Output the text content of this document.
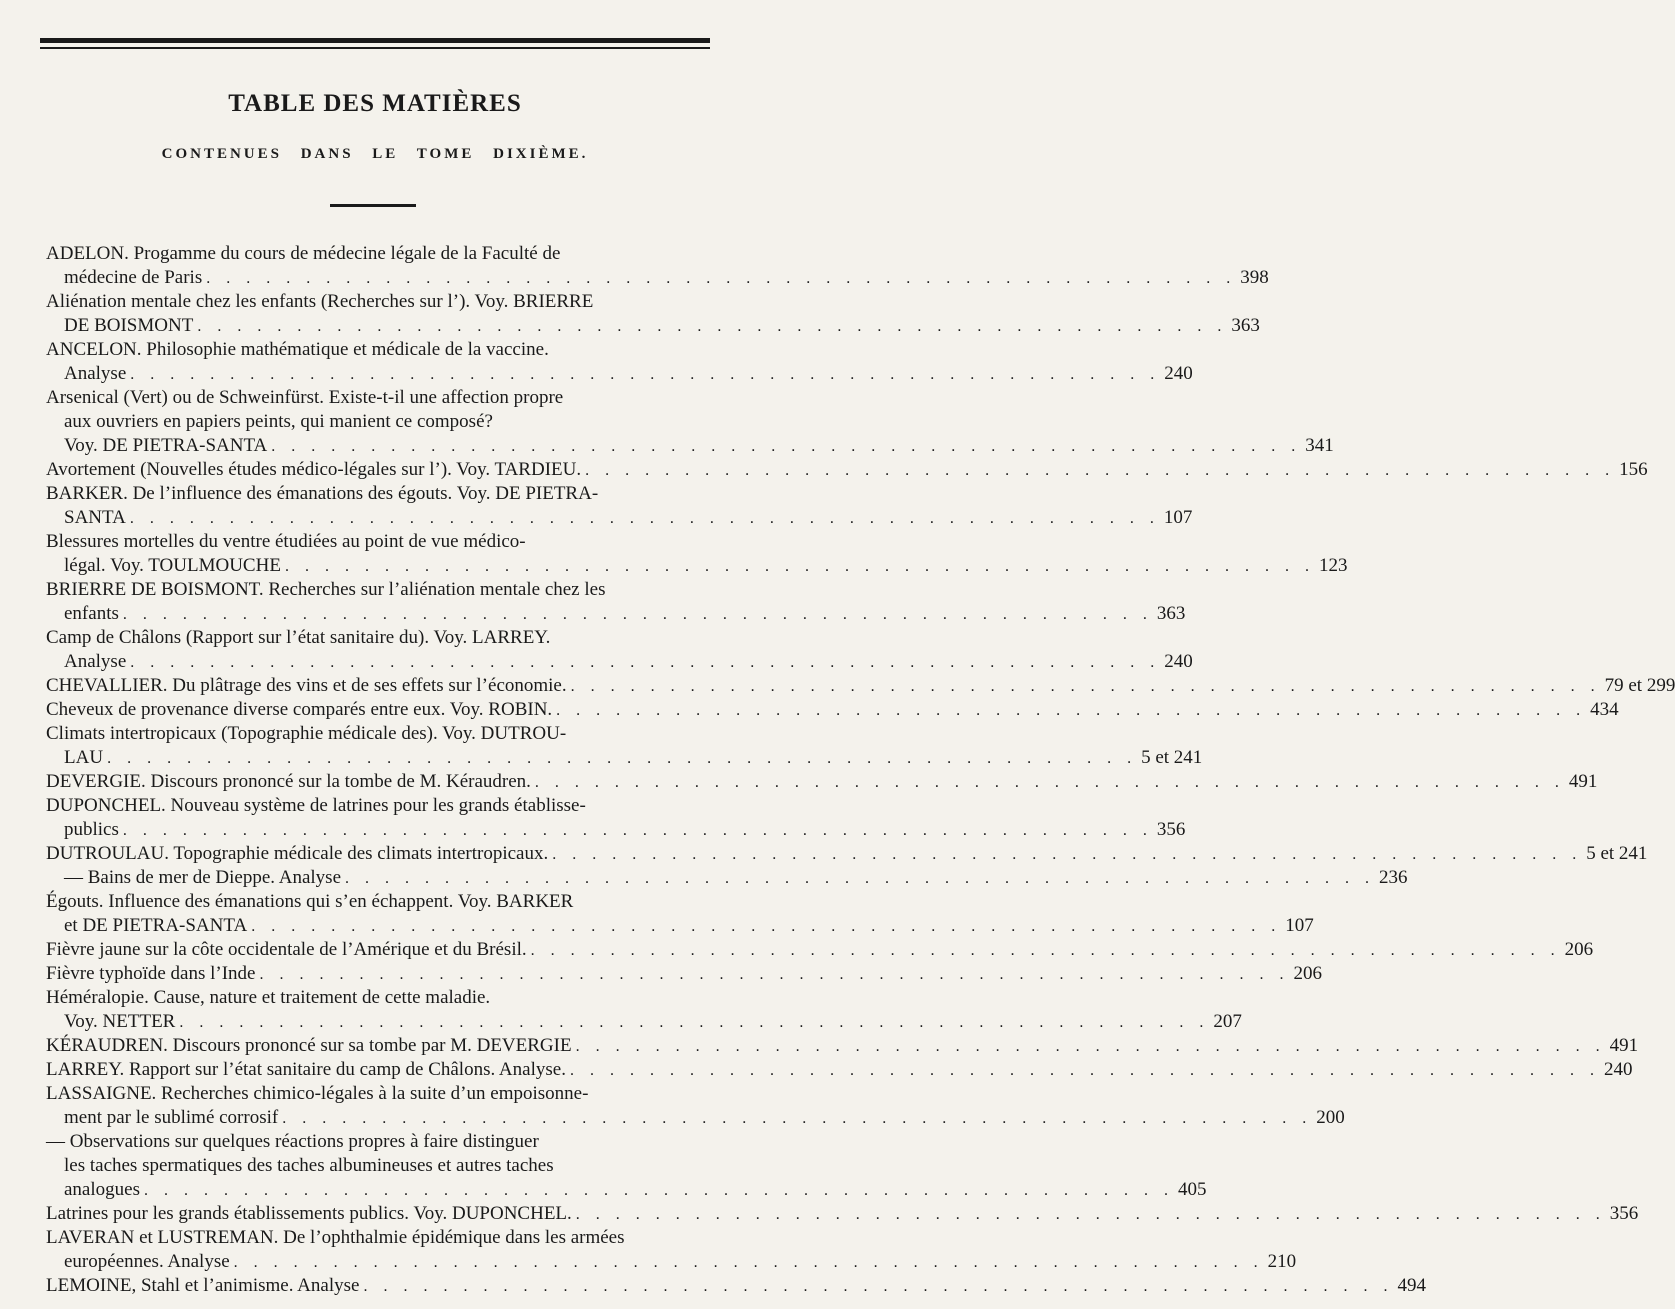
TABLE DES MATIÈRES
CONTENUES DANS LE TOME DIXIÈME.
ADELON. Progamme du cours de médecine légale de la Faculté de
médecine de Paris . . .	398
Aliénation mentale chez les enfants (Recherches sur l’). Voy. BRIERRE
DE BOISMONT . . .	363
ANCELON. Philosophie mathématique et médicale de la vaccine.
Analyse . . .	240
Arsenical (Vert) ou de Schweinfürst. Existe-t-il une affection propre
aux ouvriers en papiers peints, qui manient ce composé?
Voy. DE PIETRA-SANTA . . .	341
Avortement (Nouvelles études médico-légales sur l’). Voy. TARDIEU. . . .	156
BARKER. De l’influence des émanations des égouts. Voy. DE PIETRA-
SANTA . . .	107
Blessures mortelles du ventre étudiées au point de vue médico-
légal. Voy. TOULMOUCHE . . .	123
BRIERRE DE BOISMONT. Recherches sur l’aliénation mentale chez les
enfants . . .	363
Camp de Châlons (Rapport sur l’état sanitaire du). Voy. LARREY.
Analyse . . .	240
CHEVALLIER. Du plâtrage des vins et de ses effets sur l’économie. . . .	79 et 299
Cheveux de provenance diverse comparés entre eux. Voy. ROBIN. . . .	434
Climats intertropicaux (Topographie médicale des). Voy. DUTROU-
LAU . . .	5 et 241
DEVERGIE. Discours prononcé sur la tombe de M. Kéraudren. . . .	491
DUPONCHEL. Nouveau système de latrines pour les grands établisse-
publics . . .	356
DUTROULAU. Topographie médicale des climats intertropicaux. . . .	5 et 241
— Bains de mer de Dieppe. Analyse . . .	236
Égouts. Influence des émanations qui s’en échappent. Voy. BARKER
et DE PIETRA-SANTA . . .	107
Fièvre jaune sur la côte occidentale de l’Amérique et du Brésil. . . .	206
Fièvre typhoïde dans l’Inde . . .	206
Héméralopie. Cause, nature et traitement de cette maladie.
Voy. NETTER . . .	207
KÉRAUDREN. Discours prononcé sur sa tombe par M. DEVERGIE . . .	491
LARREY. Rapport sur l’état sanitaire du camp de Châlons. Analyse. . . .	240
LASSAIGNE. Recherches chimico-légales à la suite d’un empoisonne-
ment par le sublimé corrosif . . .	200
— Observations sur quelques réactions propres à faire distinguer
les taches spermatiques des taches albumineuses et autres taches
analogues . . .	405
Latrines pour les grands établissements publics. Voy. DUPONCHEL. . . .	356
LAVERAN et LUSTREMAN. De l’ophthalmie épidémique dans les armées
européennes. Analyse . . .	210
LEMOINE, Stahl et l’animisme. Analyse . . .	494
